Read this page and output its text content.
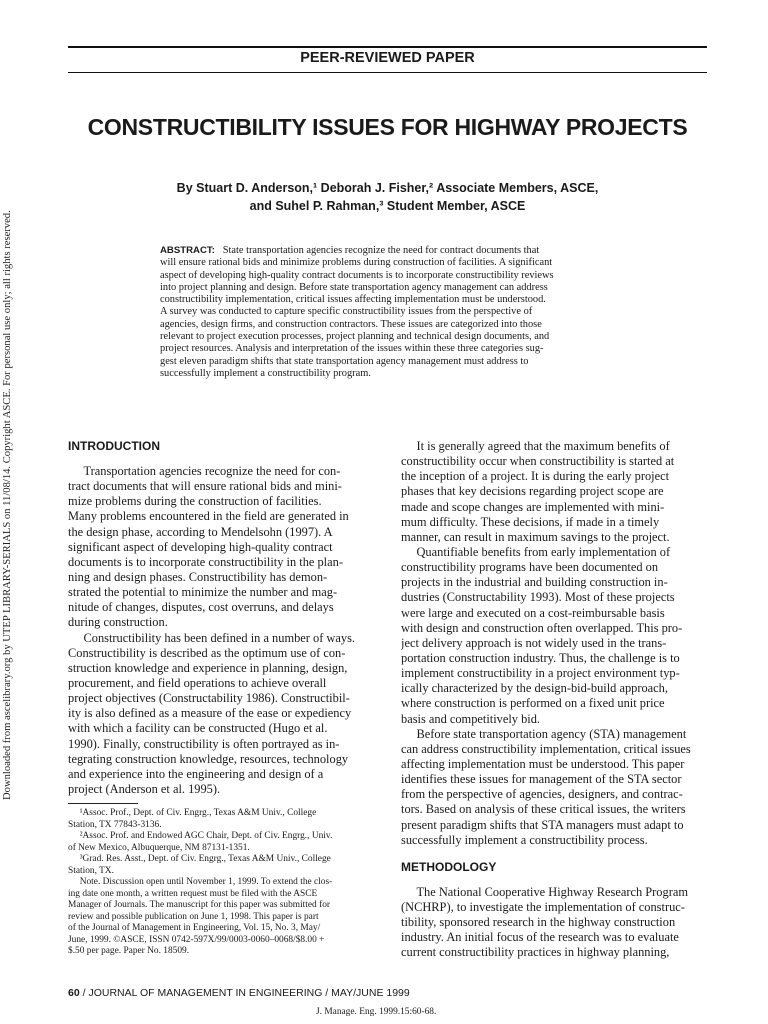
Downloaded from ascelibrary.org by UTEP LIBRARY-SERIALS on 11/08/14. Copyright ASCE. For personal use only; all rights reserved.
PEER-REVIEWED PAPER
CONSTRUCTIBILITY ISSUES FOR HIGHWAY PROJECTS
By Stuart D. Anderson,¹ Deborah J. Fisher,² Associate Members, ASCE,
and Suhel P. Rahman,³ Student Member, ASCE
ABSTRACT: State transportation agencies recognize the need for contract documents that
will ensure rational bids and minimize problems during construction of facilities. A significant
aspect of developing high-quality contract documents is to incorporate constructibility reviews
into project planning and design. Before state transportation agency management can address
constructibility implementation, critical issues affecting implementation must be understood.
A survey was conducted to capture specific constructibility issues from the perspective of
agencies, design firms, and construction contractors. These issues are categorized into those
relevant to project execution processes, project planning and technical design documents, and
project resources. Analysis and interpretation of the issues within these three categories sug-
gest eleven paradigm shifts that state transportation agency management must address to
successfully implement a constructibility program.
INTRODUCTION
  Transportation agencies recognize the need for con-
tract documents that will ensure rational bids and mini-
mize problems during the construction of facilities.
Many problems encountered in the field are generated in
the design phase, according to Mendelsohn (1997). A
significant aspect of developing high-quality contract
documents is to incorporate constructibility in the plan-
ning and design phases. Constructibility has demon-
strated the potential to minimize the number and mag-
nitude of changes, disputes, cost overruns, and delays
during construction.
  Constructibility has been defined in a number of ways.
Constructibility is described as the optimum use of con-
struction knowledge and experience in planning, design,
procurement, and field operations to achieve overall
project objectives (Constructability 1986). Constructibil-
ity is also defined as a measure of the ease or expediency
with which a facility can be constructed (Hugo et al.
1990). Finally, constructibility is often portrayed as in-
tegrating construction knowledge, resources, technology
and experience into the engineering and design of a
project (Anderson et al. 1995).
  ¹Assoc. Prof., Dept. of Civ. Engrg., Texas A&M Univ., College
Station, TX 77843-3136.
  ²Assoc. Prof. and Endowed AGC Chair, Dept. of Civ. Engrg., Univ.
of New Mexico, Albuquerque, NM 87131-1351.
  ³Grad. Res. Asst., Dept. of Civ. Engrg., Texas A&M Univ., College
Station, TX.
  Note. Discussion open until November 1, 1999. To extend the clos-
ing date one month, a written request must be filed with the ASCE
Manager of Journals. The manuscript for this paper was submitted for
review and possible publication on June 1, 1998. This paper is part
of the Journal of Management in Engineering, Vol. 15, No. 3, May/
June, 1999. ©ASCE, ISSN 0742-597X/99/0003-0060–0068/$8.00 +
$.50 per page. Paper No. 18509.
  It is generally agreed that the maximum benefits of
constructibility occur when constructibility is started at
the inception of a project. It is during the early project
phases that key decisions regarding project scope are
made and scope changes are implemented with mini-
mum difficulty. These decisions, if made in a timely
manner, can result in maximum savings to the project.
  Quantifiable benefits from early implementation of
constructibility programs have been documented on
projects in the industrial and building construction in-
dustries (Constructability 1993). Most of these projects
were large and executed on a cost-reimbursable basis
with design and construction often overlapped. This pro-
ject delivery approach is not widely used in the trans-
portation construction industry. Thus, the challenge is to
implement constructibility in a project environment typ-
ically characterized by the design-bid-build approach,
where construction is performed on a fixed unit price
basis and competitively bid.
  Before state transportation agency (STA) management
can address constructibility implementation, critical issues
affecting implementation must be understood. This paper
identifies these issues for management of the STA sector
from the perspective of agencies, designers, and contrac-
tors. Based on analysis of these critical issues, the writers
present paradigm shifts that STA managers must adapt to
successfully implement a constructibility process.
METHODOLOGY
  The National Cooperative Highway Research Program
(NCHRP), to investigate the implementation of construc-
tibility, sponsored research in the highway construction
industry. An initial focus of the research was to evaluate
current constructibility practices in highway planning,
60 / JOURNAL OF MANAGEMENT IN ENGINEERING / MAY/JUNE 1999
J. Manage. Eng. 1999.15:60-68.
